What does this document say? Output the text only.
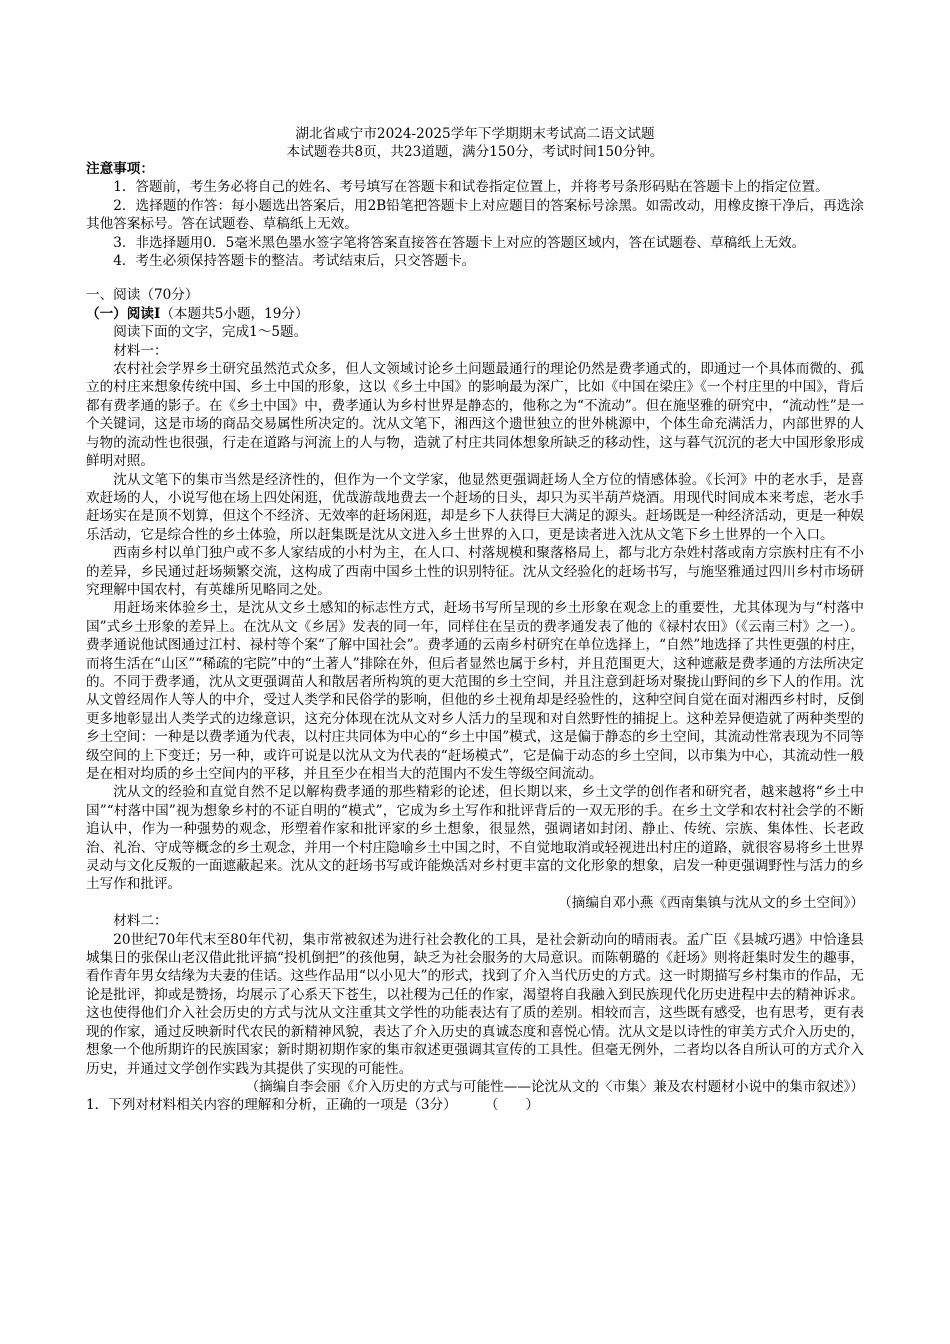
湖北省咸宁市2024-2025学年下学期期末考试高二语文试题
本试题卷共8页，共23道题，满分150分，考试时间150分钟。

注意事项：

1．答题前，考生务必将自己的姓名、考号填写在答题卡和试卷指定位置上，并将考号条形码贴在答题卡上的指定位置。

2．选择题的作答：每小题选出答案后，用2B铅笔把答题卡上对应题目的答案标号涂黑。如需改动，用橡皮擦干净后，再选涂其他答案标号。答在试题卷、草稿纸上无效。

3．非选择题用0．5毫米黑色墨水签字笔将答案直接答在答题卡上对应的答题区域内，答在试题卷、草稿纸上无效。

4．考生必须保持答题卡的整洁。考试结束后，只交答题卡。

一、阅读（70分）

（一）阅读Ⅰ（本题共5小题，19分）

阅读下面的文字，完成1～5题。

材料一：

农村社会学界乡土研究虽然范式众多，但人文领域讨论乡土问题最通行的理论仍然是费孝通式的，即通过一个具体而微的、孤立的村庄来想象传统中国、乡土中国的形象，这以《乡土中国》的影响最为深广，比如《中国在梁庄》《一个村庄里的中国》，背后都有费孝通的影子。在《乡土中国》中，费孝通认为乡村世界是静态的，他称之为“不流动”。但在施坚雅的研究中，“流动性”是一个关键词，这是市场的商品交易属性所决定的。沈从文笔下，湘西这个遗世独立的世外桃源中，个体生命充满活力，内部世界的人与物的流动性也很强，行走在道路与河流上的人与物，造就了村庄共同体想象所缺乏的移动性，这与暮气沉沉的老大中国形象形成鲜明对照。

沈从文笔下的集市当然是经济性的，但作为一个文学家，他显然更强调赶场人全方位的情感体验。《长河》中的老水手，是喜欢赶场的人，小说写他在场上四处闲逛，优哉游哉地费去一个赶场的日头，却只为买半葫芦烧酒。用现代时间成本来考虑，老水手赶场实在是顶不划算，但这个不经济、无效率的赶场闲逛，却是乡下人获得巨大满足的源头。赶场既是一种经济活动，更是一种娱乐活动，它是综合性的乡土体验，所以赶集既是沈从文进入乡土世界的入口，更是读者进入沈从文笔下乡土世界的一个入口。

西南乡村以单门独户或不多人家结成的小村为主，在人口、村落规模和聚落格局上，都与北方杂姓村落或南方宗族村庄有不小的差异，乡民通过赶场频繁交流，这构成了西南中国乡土性的识别特征。沈从文经验化的赶场书写，与施坚雅通过四川乡村市场研究理解中国农村，有英雄所见略同之处。

用赶场来体验乡土，是沈从文乡土感知的标志性方式，赶场书写所呈现的乡土形象在观念上的重要性，尤其体现为与“村落中国”式乡土形象的差异上。在沈从文《乡居》发表的同一年，同样住在呈贡的费孝通发表了他的《禄村农田》（《云南三村》之一）。费孝通说他试图通过江村、禄村等个案“了解中国社会”。费孝通的云南乡村研究在单位选择上，“自然”地选择了共性更强的村庄，而将生活在“山区”“稀疏的宅院”中的“土著人”排除在外，但后者显然也属于乡村，并且范围更大，这种遮蔽是费孝通的方法所决定的。不同于费孝通，沈从文更强调苗人和散居者所构筑的更大范围的乡土空间，并且注意到赶场对聚拢山野间的乡下人的作用。沈从文曾经周作人等人的中介，受过人类学和民俗学的影响，但他的乡土视角却是经验性的，这种空间自觉在面对湘西乡村时，反倒更多地彰显出人类学式的边缘意识，这充分体现在沈从文对乡人活力的呈现和对自然野性的捕捉上。这种差异便造就了两种类型的乡土空间：一种是以费孝通为代表，以村庄共同体为中心的“乡土中国”模式，这是偏于静态的乡土空间，其流动性常表现为不同等级空间的上下变迁；另一种，或许可说是以沈从文为代表的“赶场模式”，它是偏于动态的乡土空间，以市集为中心，其流动性一般是在相对均质的乡土空间内的平移，并且至少在相当大的范围内不发生等级空间流动。

沈从文的经验和直觉自然不足以解构费孝通的那些精彩的论述，但长期以来，乡土文学的创作者和研究者，越来越将“乡土中国”“村落中国”视为想象乡村的不证自明的“模式”，它成为乡土写作和批评背后的一双无形的手。在乡土文学和农村社会学的不断追认中，作为一种强势的观念，形塑着作家和批评家的乡土想象，很显然，强调诸如封闭、静止、传统、宗族、集体性、长老政治、礼治、守成等概念的乡土观念，并用一个村庄隐喻乡土中国之时，不自觉地取消或轻视进出村庄的道路，就很容易将乡土世界灵动与文化反叛的一面遮蔽起来。沈从文的赶场书写或许能焕活对乡村更丰富的文化形象的想象，启发一种更强调野性与活力的乡土写作和批评。

（摘编自邓小燕《西南集镇与沈从文的乡土空间》）

材料二：

20世纪70年代末至80年代初，集市常被叙述为进行社会教化的工具，是社会新动向的晴雨表。孟广臣《县城巧遇》中恰逢县城集日的张保山老汉借此批评搞“投机倒把”的孩他舅，缺乏为社会服务的大局意识。而陈朝璐的《赶场》则将赶集时发生的趣事，看作青年男女结缘为夫妻的佳话。这些作品用“以小见大”的形式，找到了介入当代历史的方式。这一时期描写乡村集市的作品，无论是批评，抑或是赞扬，均展示了心系天下苍生，以社稷为己任的作家，渴望将自我融入到民族现代化历史进程中去的精神诉求。这也使得他们介入社会历史的方式与沈从文注重其文学性的功能表达有了质的差别。相较而言，这些既有感受，也有思考，更有表现的作家，通过反映新时代农民的新精神风貌，表达了介入历史的真诚态度和喜悦心情。沈从文是以诗性的审美方式介入历史的，想象一个他所期许的民族国家；新时期初期作家的集市叙述更强调其宣传的工具性。但毫无例外，二者均以各自所认可的方式介入历史，并通过文学创作实践为其提供了实现的可能性。

（摘编自李会丽《介入历史的方式与可能性——论沈从文的〈市集〉兼及农村题材小说中的集市叙述》）

1．下列对材料相关内容的理解和分析，正确的一项是（3分） （　　）
